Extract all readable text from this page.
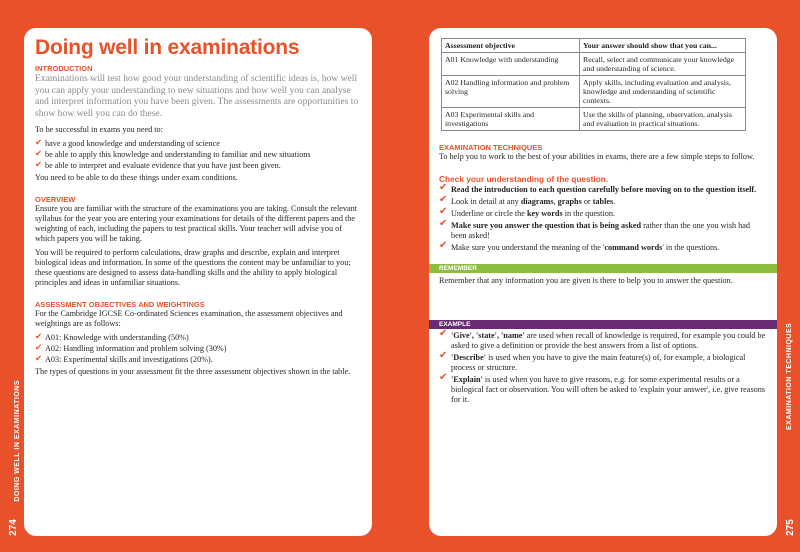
DOING WELL IN EXAMINATIONS
274
EXAMINATION TECHNIQUES
275
Doing well in examinations
INTRODUCTION

Examinations will test how good your understanding of scientific ideas is, how well you can apply your understanding to new situations and how well you can analyse and interpret information you have been given. The assessments are opportunities to show how well you can do these.

To be successful in exams you need to:

✔ have a good knowledge and understanding of science
✔ be able to apply this knowledge and understanding to familiar and new situations
✔ be able to interpret and evaluate evidence that you have just been given.

You need to be able to do these things under exam conditions.

OVERVIEW

Ensure you are familiar with the structure of the examinations you are taking. Consult the relevant syllabus for the year you are entering your examinations for details of the different papers and the weighting of each, including the papers to test practical skills. Your teacher will advise you of which papers you will be taking.

You will be required to perform calculations, draw graphs and describe, explain and interpret biological ideas and information. In some of the questions the content may be unfamiliar to you; these questions are designed to assess data-handling skills and the ability to apply biological principles and ideas in unfamiliar situations.

ASSESSMENT OBJECTIVES AND WEIGHTINGS

For the Cambridge IGCSE Co-ordinated Sciences examination, the assessment objectives and weightings are as follows:

✔ A01: Knowledge with understanding (50%)
✔ A02: Handling information and problem solving (30%)
✔ A03: Experimental skills and investigations (20%).

The types of questions in your assessment fit the three assessment objectives shown in the table.

Assessment objective	Your answer should show that you can...
A01 Knowledge with understanding	Recall, select and communicate your knowledge and understanding of science.
A02 Handling information and problem solving	Apply skills, including evaluation and analysis, knowledge and understanding of scientific contexts.
A03 Experimental skills and investigations	Use the skills of planning, observation, analysis and evaluation in practical situations.
EXAMINATION TECHNIQUES

To help you to work to the best of your abilities in exams, there are a few simple steps to follow.

Check your understanding of the question.
✔ Read the introduction to each question carefully before moving on to the question itself.
✔ Look in detail at any diagrams, graphs or tables.
✔ Underline or circle the key words in the question.
✔ Make sure you answer the question that is being asked rather than the one you wish had been asked!
✔ Make sure you understand the meaning of the 'command words' in the questions.
REMEMBER

Remember that any information you are given is there to help you to answer the question.

EXAMPLE
✔ 'Give', 'state', 'name' are used when recall of knowledge is required, for example you could be asked to give a definition or provide the best answers from a list of options.
✔ 'Describe' is used when you have to give the main feature(s) of, for example, a biological process or structure.
✔ 'Explain' is used when you have to give reasons, e.g. for some experimental results or a biological fact or observation. You will often be asked to 'explain your answer', i.e. give reasons for it.
